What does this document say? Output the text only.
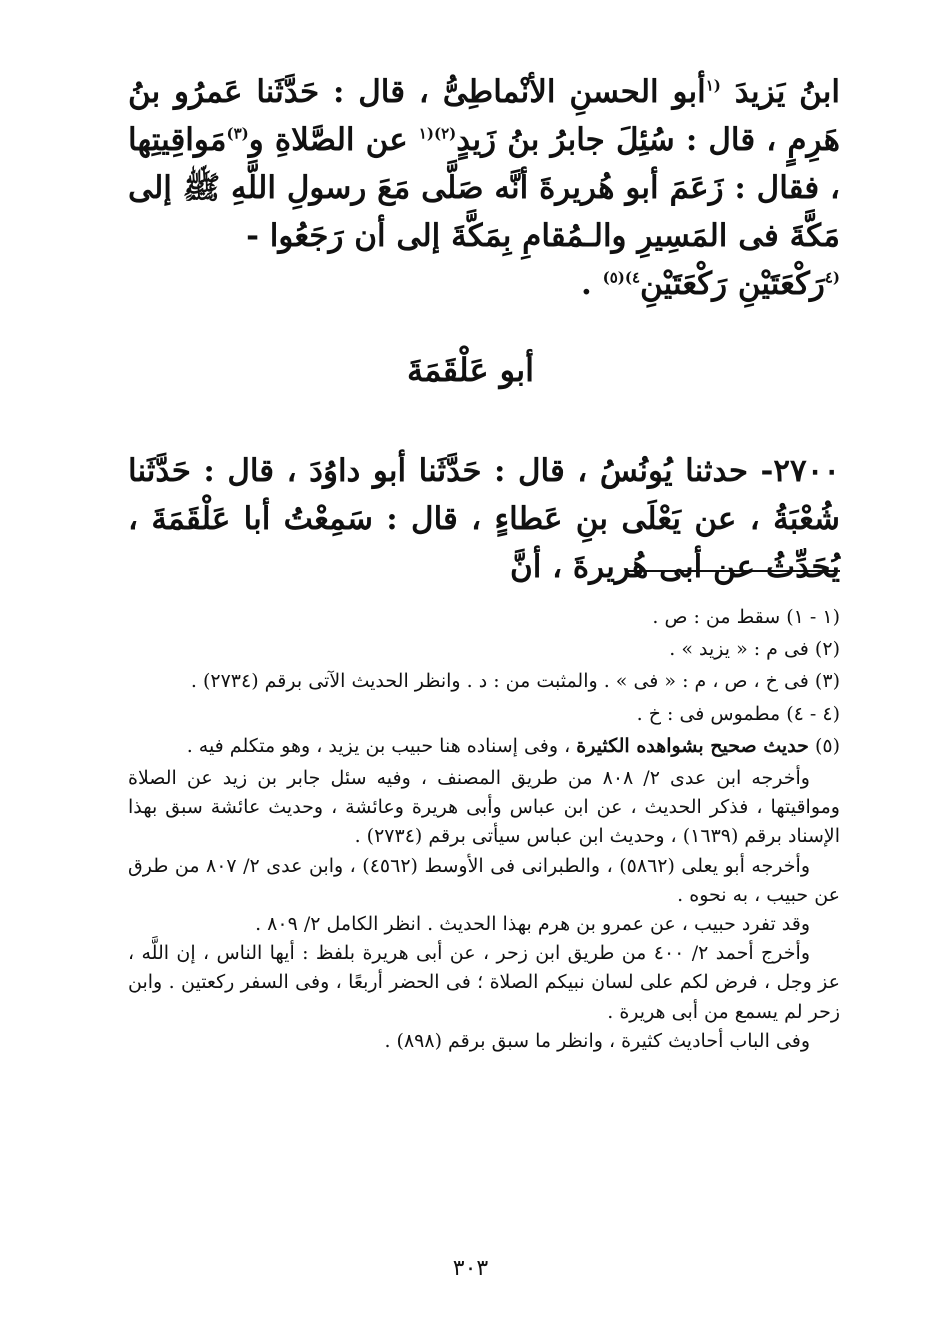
ابنُ يَزيدَ $^{(١}$أبو الحسنِ الأنْماطِىُّ ، قال : حَدَّثَنا عَمرُو بنُ هَرِمٍ ، قال : سُئِلَ جابرُ بنُ زَيدٍ$^{(٢)(١}$ عن الصَّلاةِ و$^{(٣)}$مَواقِيتِها ، فقال : زَعَمَ أبو هُريرةَ أنَّه صَلَّى مَعَ رسولِ اللَّهِ ﷺ إلى مَكَّةَ فى المَسِيرِ والـمُقامِ بِمَكَّةَ إلى أن رَجَعُوا -
$^{(٤}$رَكْعَتَيْنِ رَكْعَتَيْنِ$^{٤)(٥)}$ .

أبو عَلْقَمَةَ

٢٧٠٠- حدثنا يُونُسُ ، قال : حَدَّثَنا أبو داوُدَ ، قال : حَدَّثَنا شُعْبَةُ ، عن يَعْلَى بنِ عَطاءٍ ، قال : سَمِعْتُ أبا عَلْقَمَةَ ، يُحَدِّثُ عن أبى هُريرةَ ، أنَّ

(١ - ١) سقط من : ص .

(٢) فى م : « يزيد » .

(٣) فى خ ، ص ، م : « فى » . والمثبت من : د . وانظر الحديث الآتى برقم (٢٧٣٤) .

(٤ - ٤) مطموس فى : خ .

(٥) حديث صحيح بشواهده الكثيرة ، وفى إسناده هنا حبيب بن يزيد ، وهو متكلم فيه .

وأخرجه ابن عدى ٢/ ٨٠٨ من طريق المصنف ، وفيه سئل جابر بن زيد عن الصلاة ومواقيتها ، فذكر الحديث ، عن ابن عباس وأبى هريرة وعائشة ، وحديث عائشة سبق بهذا الإسناد برقم (١٦٣٩) ، وحديث ابن عباس سيأتى برقم (٢٧٣٤) .

وأخرجه أبو يعلى (٥٨٦٢) ، والطبرانى فى الأوسط (٤٥٦٢) ، وابن عدى ٢/ ٨٠٧ من طرق عن حبيب ، به نحوه .

وقد تفرد حبيب ، عن عمرو بن هرم بهذا الحديث . انظر الكامل ٢/ ٨٠٩ .

وأخرج أحمد ٢/ ٤٠٠ من طريق ابن زحر ، عن أبى هريرة بلفظ : أيها الناس ، إن اللَّه ، عز وجل ، فرض لكم على لسان نبيكم الصلاة ؛ فى الحضر أربعًا ، وفى السفر ركعتين . وابن زحر لم يسمع من أبى هريرة .

وفى الباب أحاديث كثيرة ، وانظر ما سبق برقم (٨٩٨) .

٣٠٣
